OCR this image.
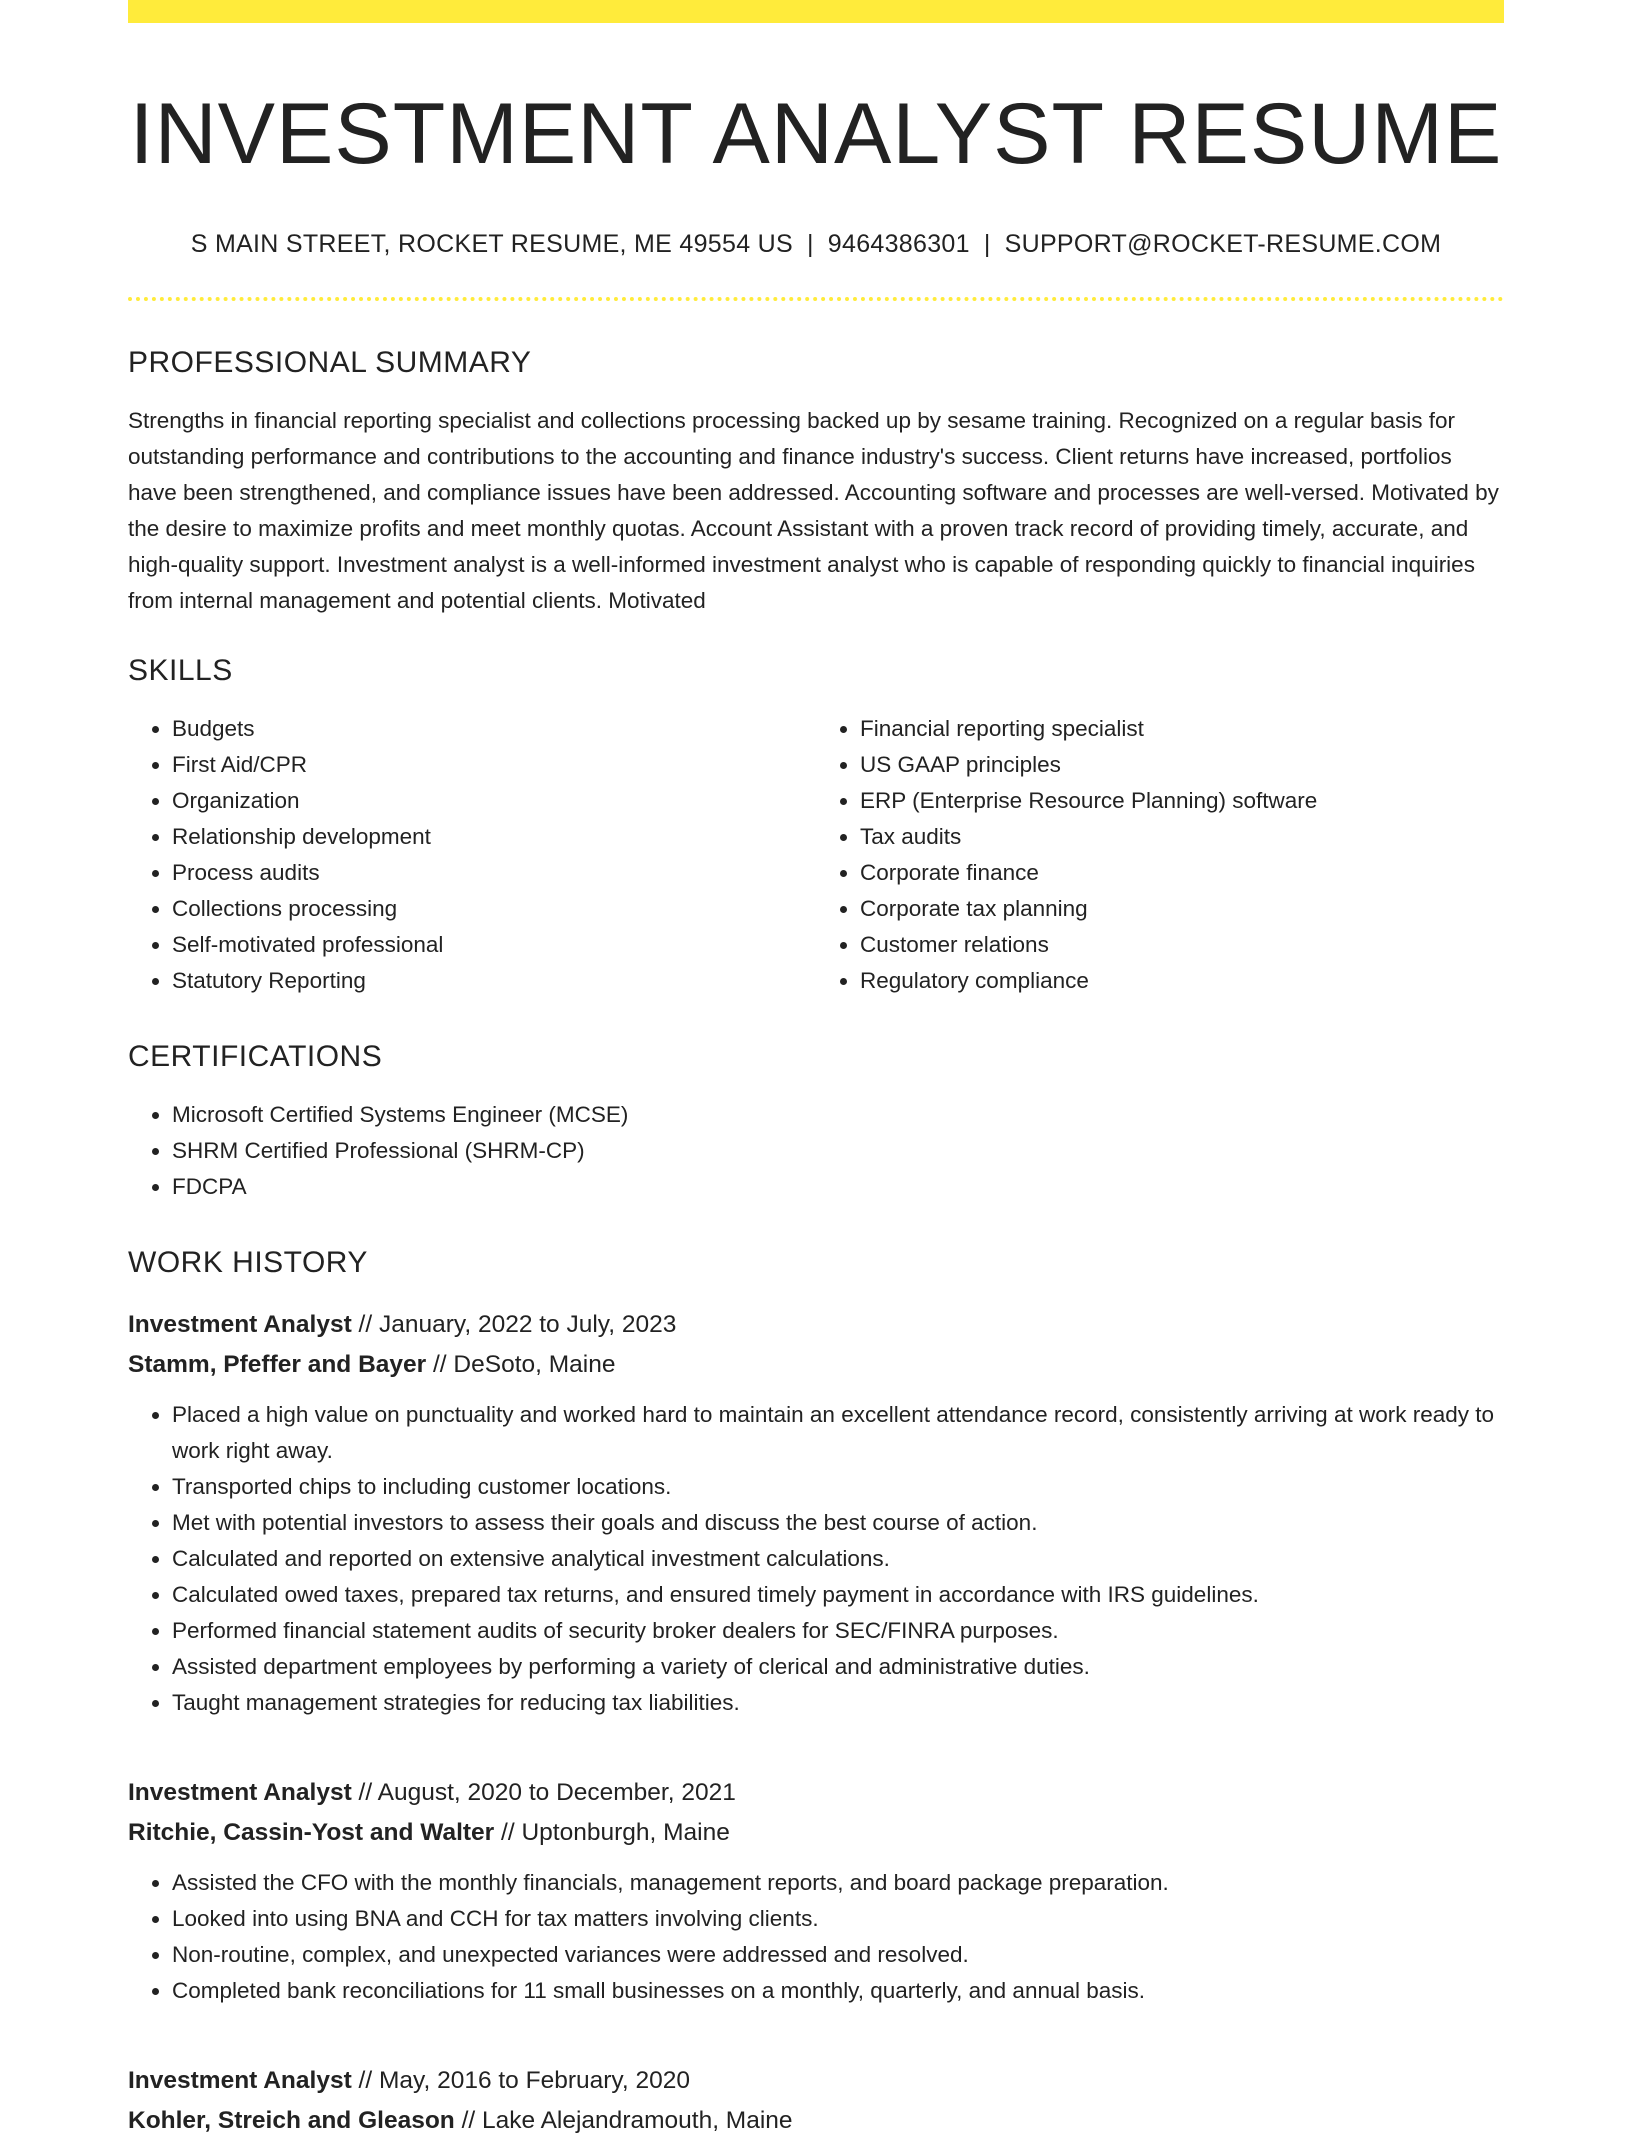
INVESTMENT ANALYST RESUME
S MAIN STREET, ROCKET RESUME, ME 49554 US | 9464386301 | SUPPORT@ROCKET-RESUME.COM
PROFESSIONAL SUMMARY

Strengths in financial reporting specialist and collections processing backed up by sesame training. Recognized on a regular basis for outstanding performance and contributions to the accounting and finance industry's success. Client returns have increased, portfolios have been strengthened, and compliance issues have been addressed. Accounting software and processes are well-versed. Motivated by the desire to maximize profits and meet monthly quotas. Account Assistant with a proven track record of providing timely, accurate, and high-quality support. Investment analyst is a well-informed investment analyst who is capable of responding quickly to financial inquiries from internal management and potential clients. Motivated

SKILLS
• Budgets
• First Aid/CPR
• Organization
• Relationship development
• Process audits
• Collections processing
• Self-motivated professional
• Statutory Reporting
• Financial reporting specialist
• US GAAP principles
• ERP (Enterprise Resource Planning) software
• Tax audits
• Corporate finance
• Corporate tax planning
• Customer relations
• Regulatory compliance
CERTIFICATIONS
• Microsoft Certified Systems Engineer (MCSE)
• SHRM Certified Professional (SHRM-CP)
• FDCPA
WORK HISTORY
Investment Analyst // January, 2022 to July, 2023
Stamm, Pfeffer and Bayer // DeSoto, Maine
• Placed a high value on punctuality and worked hard to maintain an excellent attendance record, consistently arriving at work ready to work right away.
• Transported chips to including customer locations.
• Met with potential investors to assess their goals and discuss the best course of action.
• Calculated and reported on extensive analytical investment calculations.
• Calculated owed taxes, prepared tax returns, and ensured timely payment in accordance with IRS guidelines.
• Performed financial statement audits of security broker dealers for SEC/FINRA purposes.
• Assisted department employees by performing a variety of clerical and administrative duties.
• Taught management strategies for reducing tax liabilities.
Investment Analyst // August, 2020 to December, 2021
Ritchie, Cassin-Yost and Walter // Uptonburgh, Maine
• Assisted the CFO with the monthly financials, management reports, and board package preparation.
• Looked into using BNA and CCH for tax matters involving clients.
• Non-routine, complex, and unexpected variances were addressed and resolved.
• Completed bank reconciliations for 11 small businesses on a monthly, quarterly, and annual basis.
Investment Analyst // May, 2016 to February, 2020
Kohler, Streich and Gleason // Lake Alejandramouth, Maine
